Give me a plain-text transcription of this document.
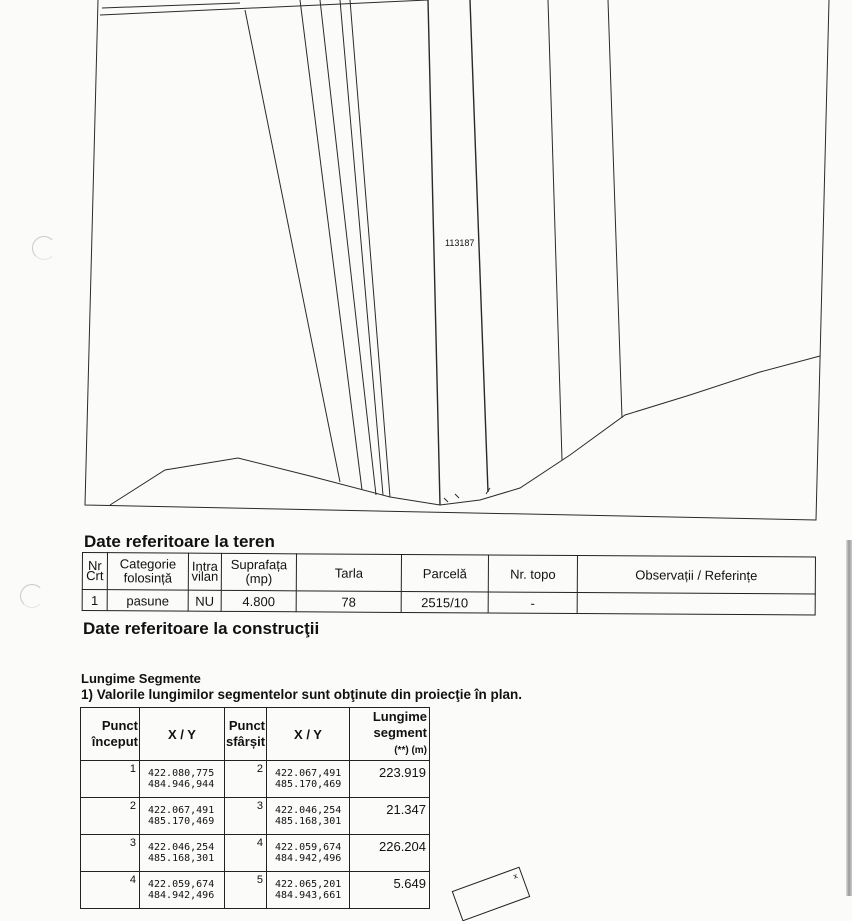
113187
Date referitoare la teren
Nr Crt	Categorie folosință	Intra vilan	Suprafața (mp)	Tarla	Parcelă	Nr. topo	Observații / Referințe
1	pasune	NU	4.800	78	2515/10	-	
Date referitoare la construcţii

Lungime Segmente

1) Valorile lungimilor segmentelor sunt obţinute din proiecţie în plan.

Punct început	X / Y	Punct sfârșit	X / Y	Lungime segment
(**) (m)
1	422.080,775
484.946,944	2	422.067,491
485.170,469	223.919
2	422.067,491
485.170,469	3	422.046,254
485.168,301	21.347
3	422.046,254
485.168,301	4	422.059,674
484.942,496	226.204
4	422.059,674
484.942,496	5	422.065,201
484.943,661	5.649	x
